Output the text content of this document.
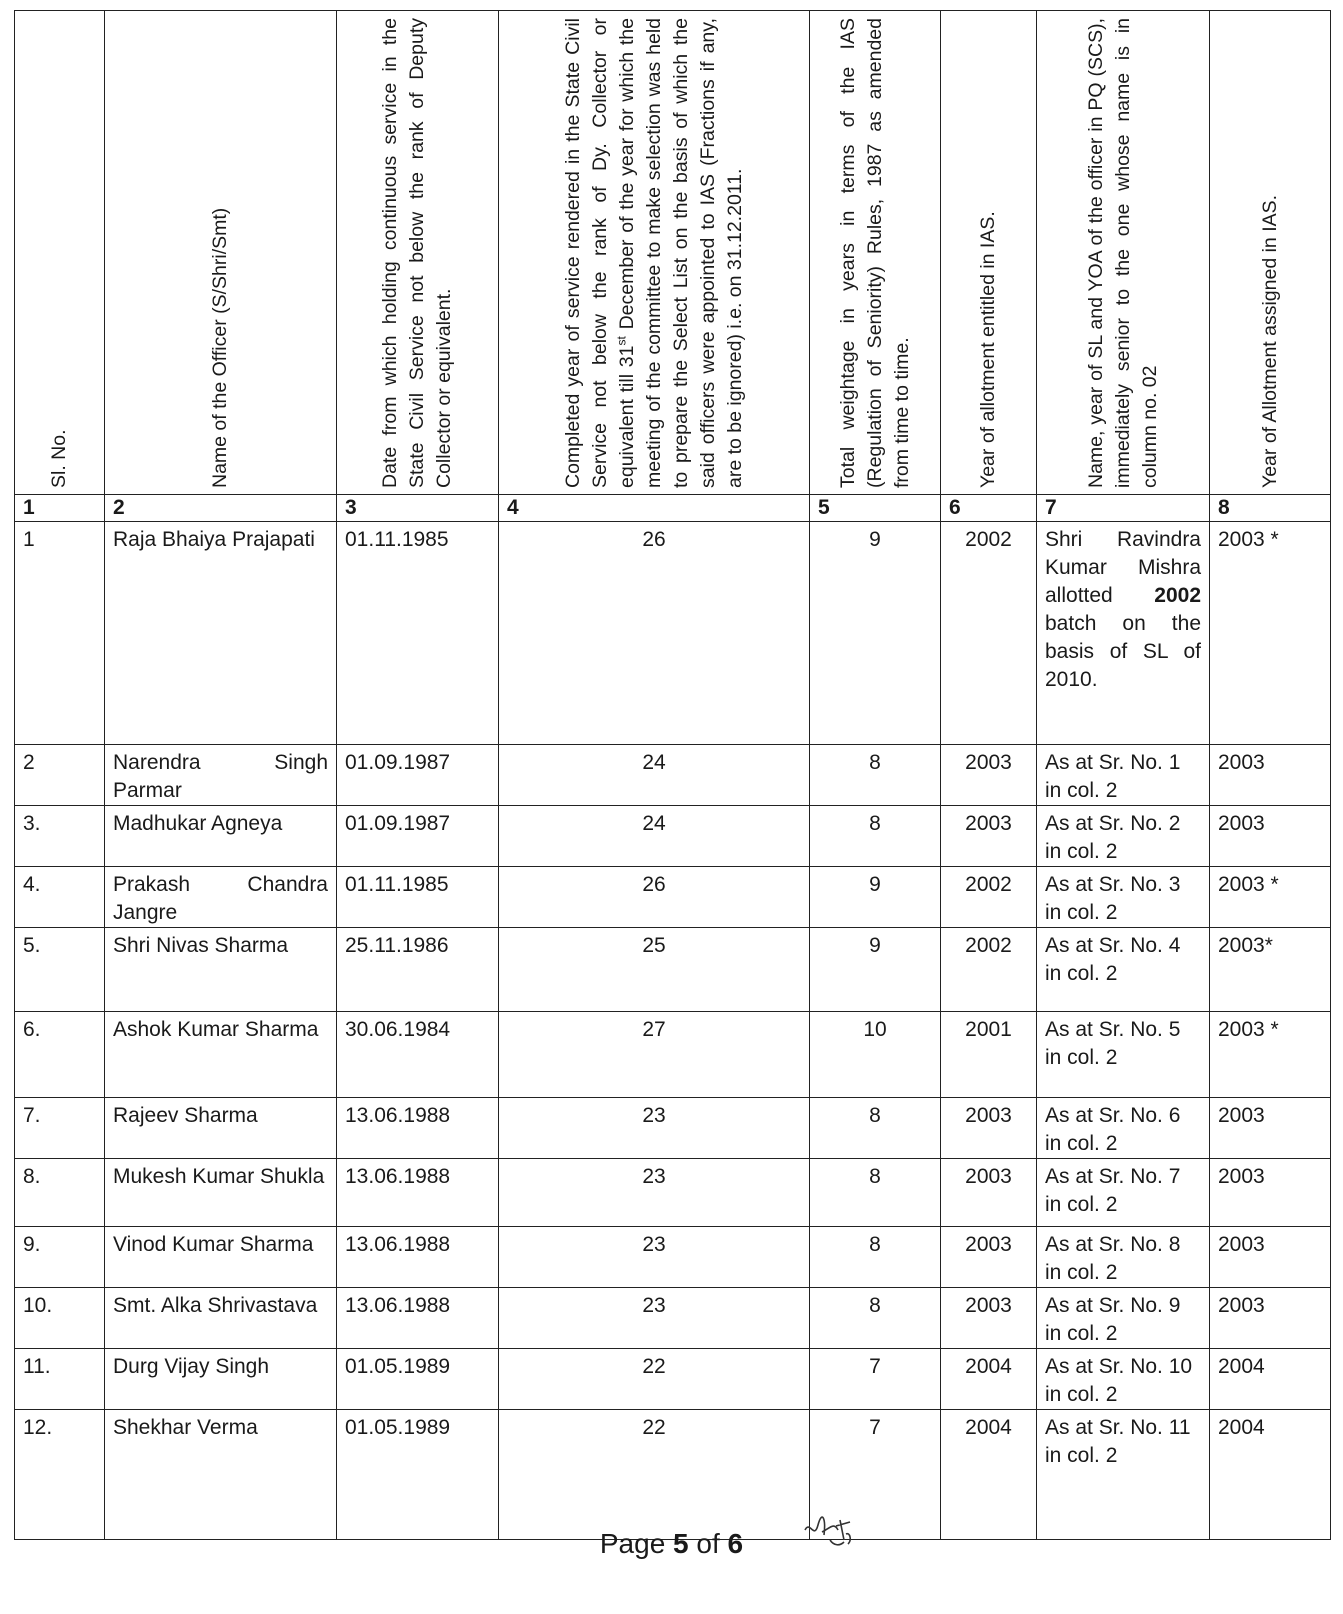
Sl. No.	Name of the Officer (S/Shri/Smt)	Date from which holding continuous service in the State Civil Service not below the rank of Deputy Collector or equivalent.	Completed year of service rendered in the State Civil Service not below the rank of Dy. Collector or equivalent till 31st December of the year for which the meeting of the committee to make selection was held to prepare the Select List on the basis of which the said officers were appointed to IAS (Fractions if any, are to be ignored) i.e. on 31.12.2011.	Total weightage in years in terms of the IAS (Regulation of Seniority) Rules, 1987 as amended from time to time.	Year of allotment entitled in IAS.	Name, year of SL and YOA of the officer in PQ (SCS), immediately senior to the one whose name is in column no. 02	Year of Allotment assigned in IAS.

1	2	3	4	5	6	7	8
1	Raja Bhaiya Prajapati	01.11.1985	26	9	2002	Shri Ravindra Kumar Mishra allotted 2002 batch on the basis of SL of 2010.	2003 *
2	Narendra Singh Parmar	01.09.1987	24	8	2003	As at Sr. No. 1 in col. 2	2003
3.	Madhukar Agneya	01.09.1987	24	8	2003	As at Sr. No. 2 in col. 2	2003
4.	Prakash Chandra Jangre	01.11.1985	26	9	2002	As at Sr. No. 3 in col. 2	2003 *
5.	Shri Nivas Sharma	25.11.1986	25	9	2002	As at Sr. No. 4 in col. 2	2003*
6.	Ashok Kumar Sharma	30.06.1984	27	10	2001	As at Sr. No. 5 in col. 2	2003 *
7.	Rajeev Sharma	13.06.1988	23	8	2003	As at Sr. No. 6 in col. 2	2003
8.	Mukesh Kumar Shukla	13.06.1988	23	8	2003	As at Sr. No. 7 in col. 2	2003
9.	Vinod Kumar Sharma	13.06.1988	23	8	2003	As at Sr. No. 8 in col. 2	2003
10.	Smt. Alka Shrivastava	13.06.1988	23	8	2003	As at Sr. No. 9 in col. 2	2003
11.	Durg Vijay Singh	01.05.1989	22	7	2004	As at Sr. No. 10 in col. 2	2004
12.	Shekhar Verma	01.05.1989	22	7	2004	As at Sr. No. 11 in col. 2	2004
Page 5 of 6
